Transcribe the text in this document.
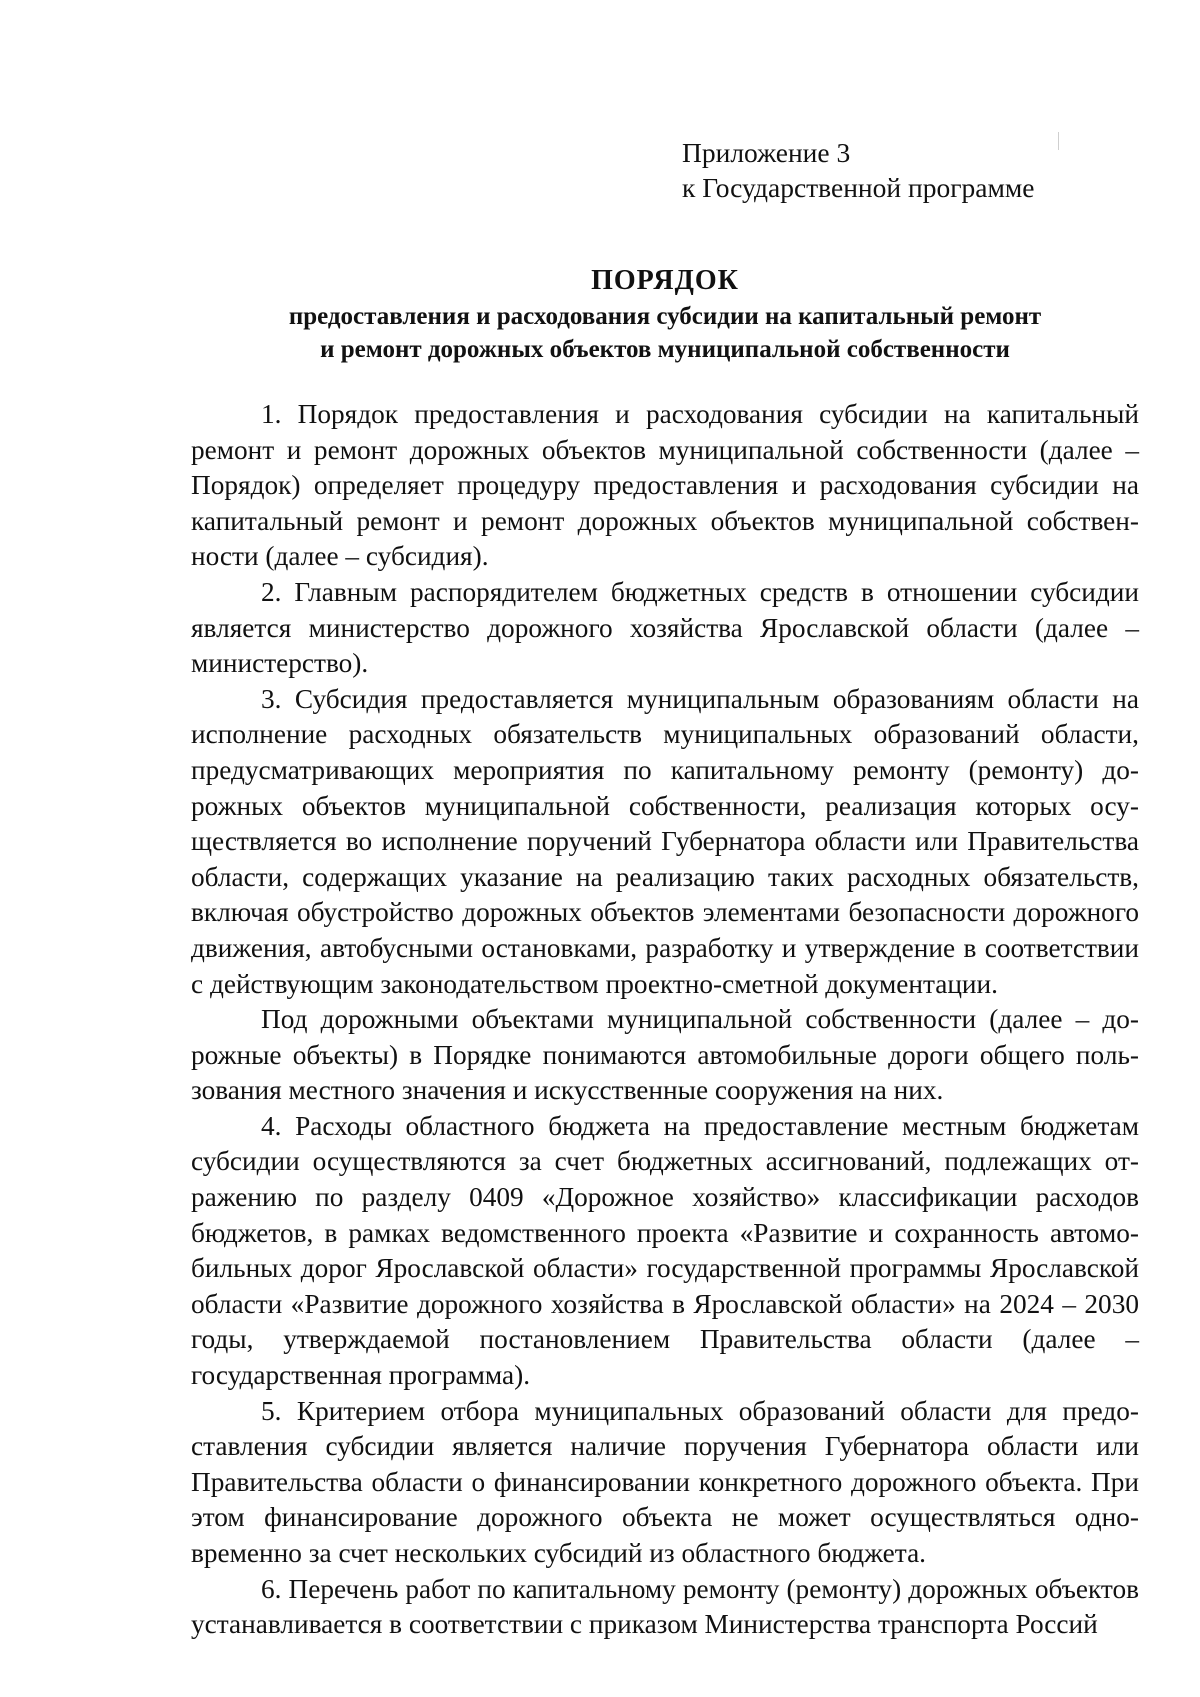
Приложение 3
к Государственной программе
ПОРЯДОК
предоставления и расходования субсидии на капитальный ремонт
и ремонт дорожных объектов муниципальной собственности

1. Порядок предоставления и расходования субсидии на капитальный ремонт и ремонт дорожных объектов муниципальной собственности (далее – Порядок) определяет процедуру предоставления и расходования субсидии на капитальный ремонт и ремонт дорожных объектов муниципальной собственности (далее – субсидия).

2. Главным распорядителем бюджетных средств в отношении субсидии является министерство дорожного хозяйства Ярославской области (далее – министерство).

3. Субсидия предоставляется муниципальным образованиям области на исполнение расходных обязательств муниципальных образований области, предусматривающих мероприятия по капитальному ремонту (ремонту) дорожных объектов муниципальной собственности, реализация которых осуществляется во исполнение поручений Губернатора области или Правительства области, содержащих указание на реализацию таких расходных обязательств, включая обустройство дорожных объектов элементами безопасности дорожного движения, автобусными остановками, разработку и утверждение в соответствии с действующим законодательством проектно-сметной документации.

Под дорожными объектами муниципальной собственности (далее – дорожные объекты) в Порядке понимаются автомобильные дороги общего пользования местного значения и искусственные сооружения на них.

4. Расходы областного бюджета на предоставление местным бюджетам субсидии осуществляются за счет бюджетных ассигнований, подлежащих отражению по разделу 0409 «Дорожное хозяйство» классификации расходов бюджетов, в рамках ведомственного проекта «Развитие и сохранность автомобильных дорог Ярославской области» государственной программы Ярославской области «Развитие дорожного хозяйства в Ярославской области» на 2024 – 2030 годы, утверждаемой постановлением Правительства области (далее – государственная программа).

5. Критерием отбора муниципальных образований области для предоставления субсидии является наличие поручения Губернатора области или Правительства области о финансировании конкретного дорожного объекта. При этом финансирование дорожного объекта не может осуществляться одновременно за счет нескольких субсидий из областного бюджета.

6. Перечень работ по капитальному ремонту (ремонту) дорожных объектов устанавливается в соответствии с приказом Министерства транспорта Россий
